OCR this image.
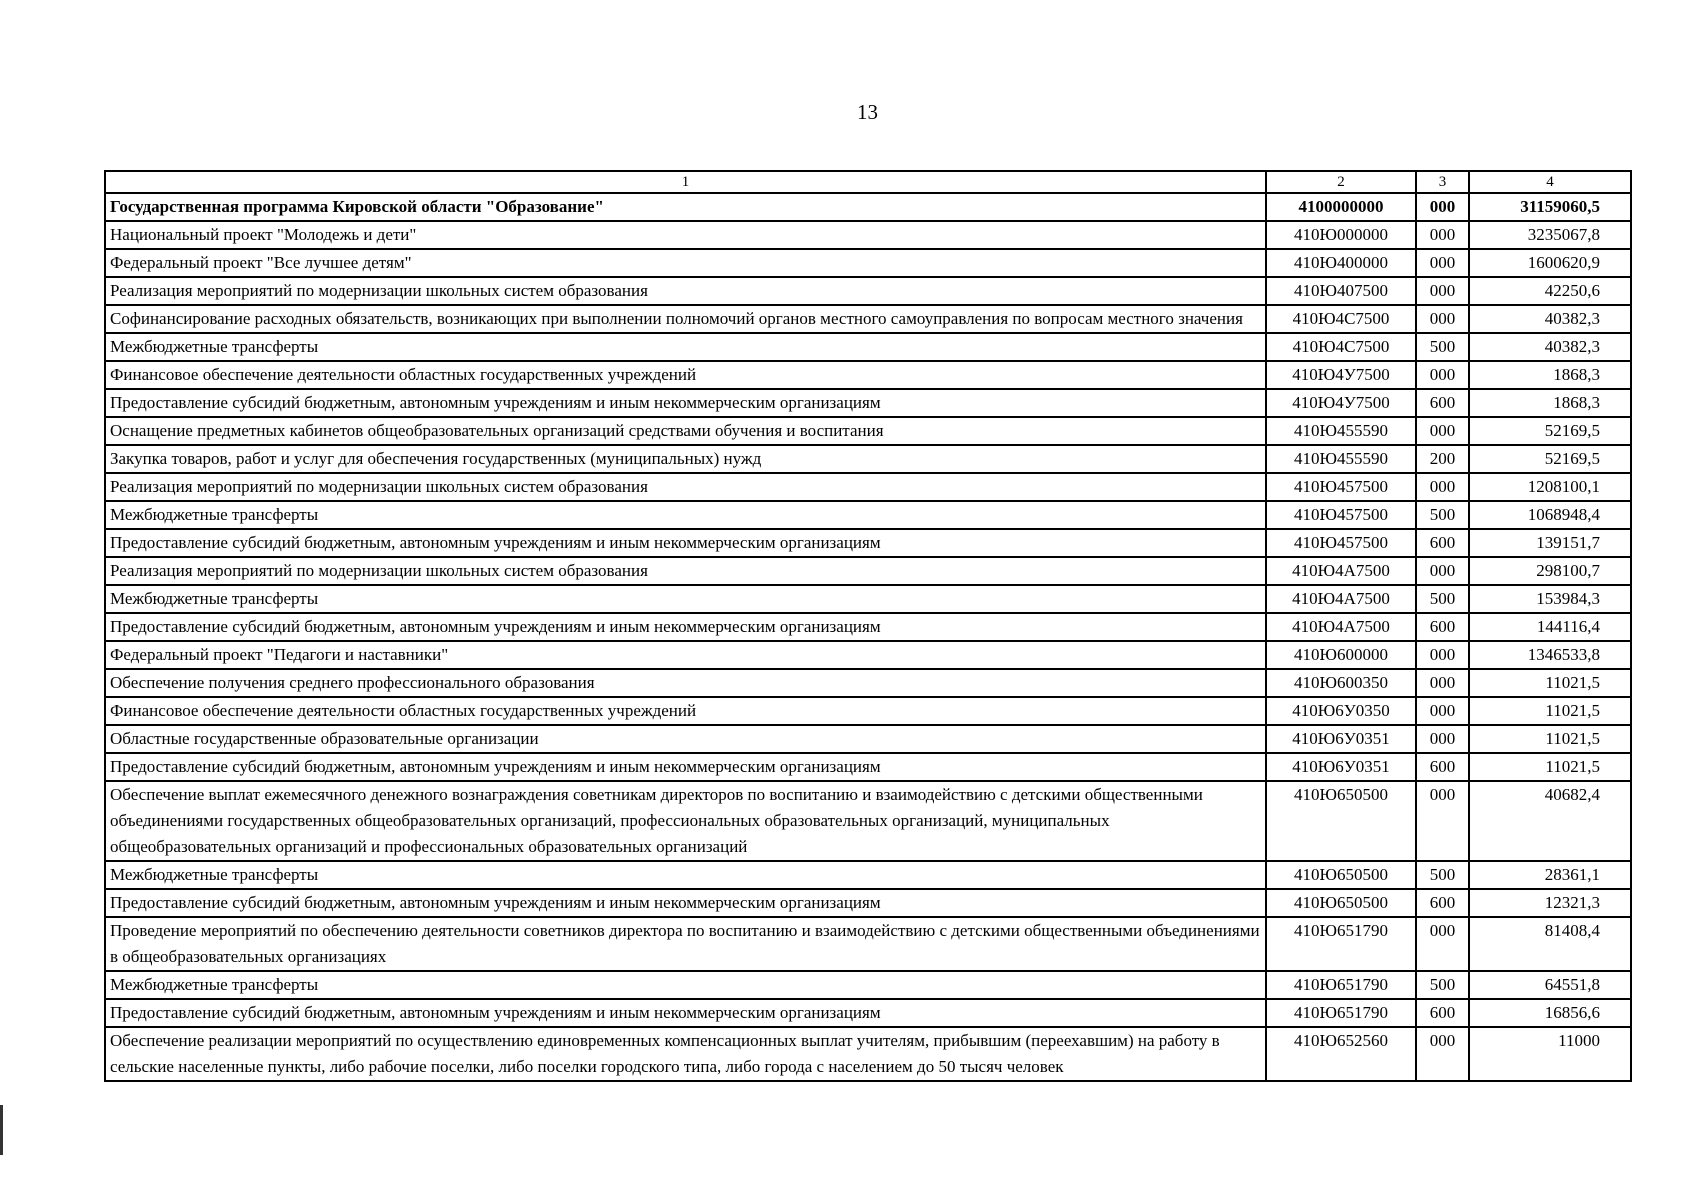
13
1	2	3	4
Государственная программа Кировской области "Образование"	4100000000	000	31159060,5
Национальный проект "Молодежь и дети"	410Ю000000	000	3235067,8
Федеральный проект "Все лучшее детям"	410Ю400000	000	1600620,9
Реализация мероприятий по модернизации школьных систем образования	410Ю407500	000	42250,6
Софинансирование расходных обязательств, возникающих при выполнении полномочий органов местного самоуправления по вопросам местного значения	410Ю4С7500	000	40382,3
Межбюджетные трансферты	410Ю4С7500	500	40382,3
Финансовое обеспечение деятельности областных государственных учреждений	410Ю4У7500	000	1868,3
Предоставление субсидий бюджетным, автономным учреждениям и иным некоммерческим организациям	410Ю4У7500	600	1868,3
Оснащение предметных кабинетов общеобразовательных организаций средствами обучения и воспитания	410Ю455590	000	52169,5
Закупка товаров, работ и услуг для обеспечения государственных (муниципальных) нужд	410Ю455590	200	52169,5
Реализация мероприятий по модернизации школьных систем образования	410Ю457500	000	1208100,1
Межбюджетные трансферты	410Ю457500	500	1068948,4
Предоставление субсидий бюджетным, автономным учреждениям и иным некоммерческим организациям	410Ю457500	600	139151,7
Реализация мероприятий по модернизации школьных систем образования	410Ю4А7500	000	298100,7
Межбюджетные трансферты	410Ю4А7500	500	153984,3
Предоставление субсидий бюджетным, автономным учреждениям и иным некоммерческим организациям	410Ю4А7500	600	144116,4
Федеральный проект "Педагоги и наставники"	410Ю600000	000	1346533,8
Обеспечение получения среднего профессионального образования	410Ю600350	000	11021,5
Финансовое обеспечение деятельности областных государственных учреждений	410Ю6У0350	000	11021,5
Областные государственные образовательные организации	410Ю6У0351	000	11021,5
Предоставление субсидий бюджетным, автономным учреждениям и иным некоммерческим организациям	410Ю6У0351	600	11021,5
Обеспечение выплат ежемесячного денежного вознаграждения советникам директоров по воспитанию и взаимодействию с детскими общественными объединениями государственных общеобразовательных организаций, профессиональных образовательных организаций, муниципальных общеобразовательных организаций и профессиональных образовательных организаций	410Ю650500	000	40682,4
Межбюджетные трансферты	410Ю650500	500	28361,1
Предоставление субсидий бюджетным, автономным учреждениям и иным некоммерческим организациям	410Ю650500	600	12321,3
Проведение мероприятий по обеспечению деятельности советников директора по воспитанию и взаимодействию с детскими общественными объединениями в общеобразовательных организациях	410Ю651790	000	81408,4
Межбюджетные трансферты	410Ю651790	500	64551,8
Предоставление субсидий бюджетным, автономным учреждениям и иным некоммерческим организациям	410Ю651790	600	16856,6
Обеспечение реализации мероприятий по осуществлению единовременных компенсационных выплат учителям, прибывшим (переехавшим) на работу в сельские населенные пункты, либо рабочие поселки, либо поселки городского типа, либо города с населением до 50 тысяч человек	410Ю652560	000	11000
